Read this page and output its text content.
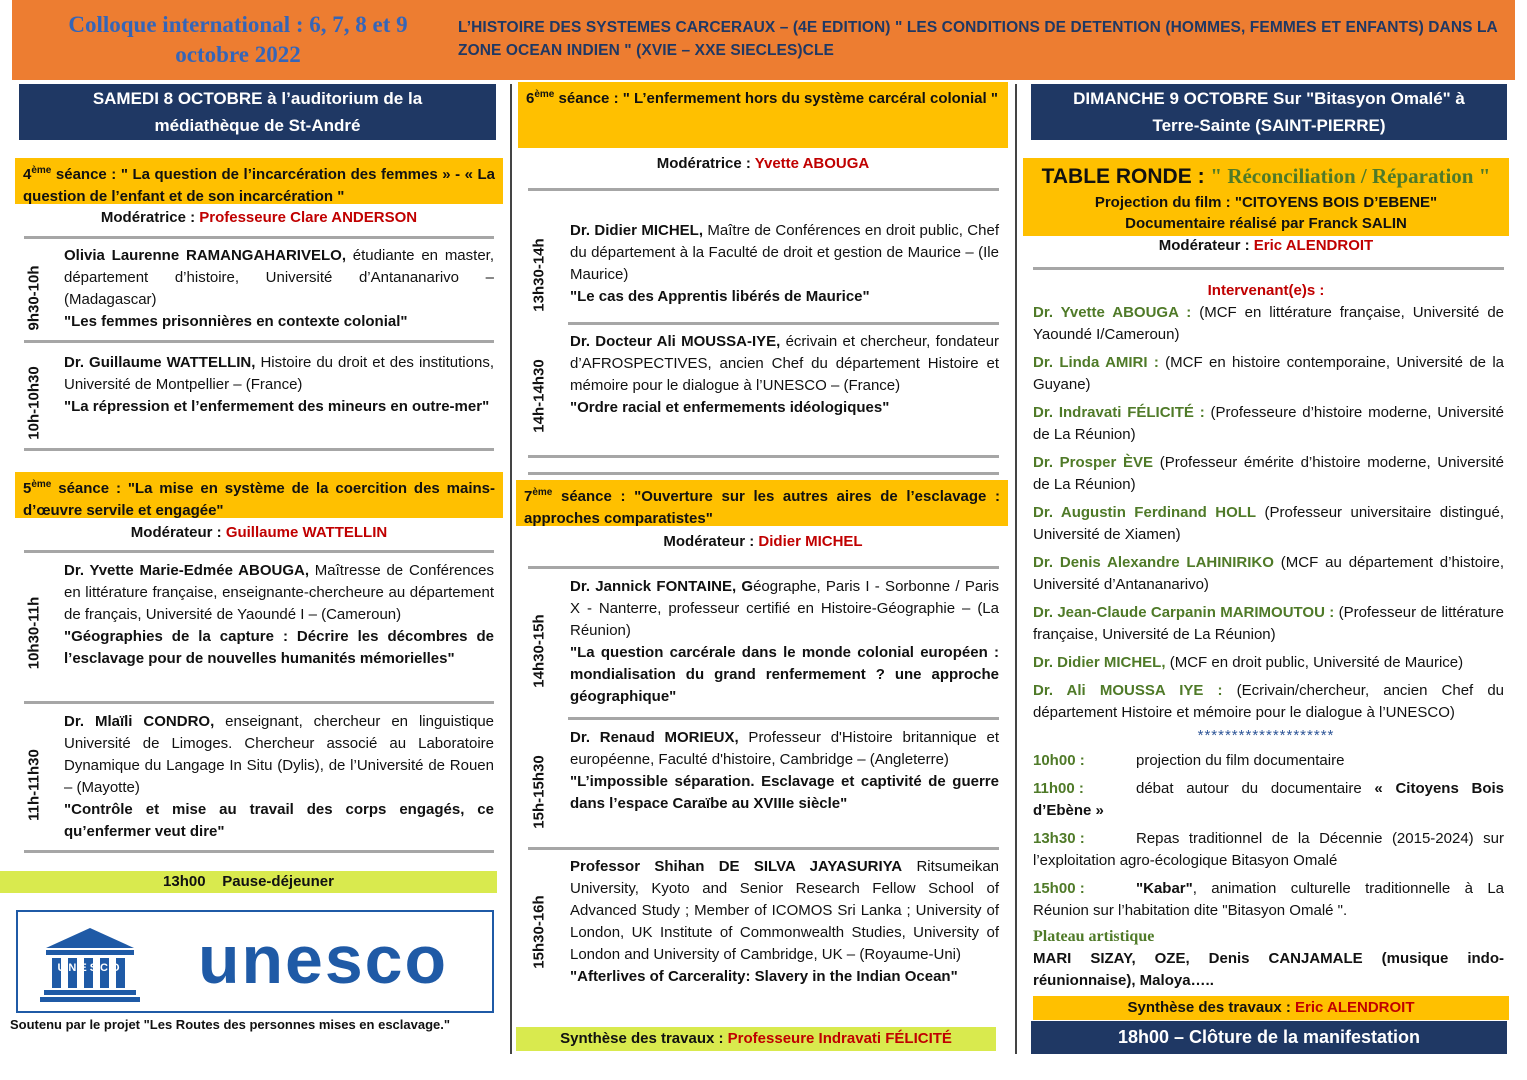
Colloque international : 6, 7, 8 et 9 octobre 2022
L’HISTOIRE DES SYSTEMES CARCERAUX – (4E EDITION) " LES CONDITIONS DE DETENTION (HOMMES, FEMMES ET ENFANTS) DANS LA ZONE OCEAN INDIEN " (XVIE – XXE SIECLES)CLE
SAMEDI 8 OCTOBRE à l’auditorium de la médiathèque de St-André
4ème séance : " La question de l’incarcération des femmes » - « La question de l’enfant et de son incarcération "
Modératrice : Professeure Clare ANDERSON
9h30-10h
Olivia Laurenne RAMANGAHARIVELO, étudiante en master, département d’histoire, Université d’Antananarivo – (Madagascar)
"Les femmes prisonnières en contexte colonial"
10h-10h30
Dr. Guillaume WATTELLIN, Histoire du droit et des institutions, Université de Montpellier – (France)
"La répression et l’enfermement des mineurs en outre-mer"
5ème séance : "La mise en système de la coercition des mains-d’œuvre servile et engagée"
Modérateur : Guillaume WATTELLIN
10h30-11h
Dr. Yvette Marie-Edmée ABOUGA, Maîtresse de Conférences en littérature française, enseignante-chercheure au département de français, Université de Yaoundé I – (Cameroun)
"Géographies de la capture : Décrire les décombres de l’esclavage pour de nouvelles humanités mémorielles"
11h-11h30
Dr. Mlaïli CONDRO, enseignant, chercheur en linguistique Université de Limoges. Chercheur associé au Laboratoire Dynamique du Langage In Situ (Dylis), de l’Université de Rouen – (Mayotte)
"Contrôle et mise au travail des corps engagés, ce qu’enfermer veut dire"
13h00    Pause-déjeuner
UNESCO	unesco
Soutenu par le projet "Les Routes des personnes mises en esclavage."
6ème séance : " L’enfermement hors du système carcéral colonial "
Modératrice : Yvette ABOUGA
13h30-14h
Dr. Didier MICHEL, Maître de Conférences en droit public, Chef du département à la Faculté de droit et gestion de Maurice – (Ile Maurice)
"Le cas des Apprentis libérés de Maurice"
14h-14h30
Dr. Docteur Ali MOUSSA-IYE, écrivain et chercheur, fondateur d’AFROSPECTIVES, ancien Chef du département Histoire et mémoire pour le dialogue à l’UNESCO – (France)
"Ordre racial et enfermements idéologiques"
7ème séance : "Ouverture sur les autres aires de l’esclavage : approches comparatistes"
Modérateur : Didier MICHEL
14h30-15h
Dr. Jannick FONTAINE, Géographe, Paris I - Sorbonne / Paris X - Nanterre, professeur certifié en Histoire-Géographie – (La Réunion)
"La question carcérale dans le monde colonial européen : mondialisation du grand renfermement ? une approche géographique"
15h-15h30
Dr. Renaud MORIEUX, Professeur d'Histoire britannique et européenne, Faculté d'histoire, Cambridge – (Angleterre)
"L’impossible séparation. Esclavage et captivité de guerre dans l’espace Caraïbe au XVIIIe siècle"
15h30-16h
Professor Shihan DE SILVA JAYASURIYA Ritsumeikan University, Kyoto and Senior Research Fellow School of Advanced Study ; Member of ICOMOS Sri Lanka ; University of London, UK Institute of Commonwealth Studies, University of London and University of Cambridge, UK – (Royaume-Uni)
"Afterlives of Carcerality: Slavery in the Indian Ocean"
Synthèse des travaux : Professeure Indravati FÉLICITÉ
DIMANCHE 9 OCTOBRE Sur "Bitasyon Omalé" à Terre-Sainte (SAINT-PIERRE)
TABLE RONDE : " Réconciliation / Réparation "
Projection du film : "CITOYENS BOIS D’EBENE"
Documentaire réalisé par Franck SALIN
Modérateur : Eric ALENDROIT
Intervenant(e)s :
Dr. Yvette ABOUGA : (MCF en littérature française, Université de Yaoundé I/Cameroun)
Dr. Linda AMIRI : (MCF en histoire contemporaine, Université de la Guyane)
Dr. Indravati FÉLICITÉ : (Professeure d’histoire moderne, Université de La Réunion)
Dr. Prosper ÈVE (Professeur émérite d’histoire moderne, Université de La Réunion)
Dr. Augustin Ferdinand HOLL (Professeur universitaire distingué, Université de Xiamen)
Dr. Denis Alexandre LAHINIRIKO (MCF au département d’histoire, Université d’Antananarivo)
Dr. Jean-Claude Carpanin MARIMOUTOU : (Professeur de littérature française, Université de La Réunion)
Dr. Didier MICHEL, (MCF en droit public, Université de Maurice)
Dr. Ali MOUSSA IYE : (Ecrivain/chercheur, ancien Chef du département Histoire et mémoire pour le dialogue à l’UNESCO)
********************
10h00 :	projection du film documentaire
11h00 :	débat autour du documentaire « Citoyens Bois d’Ebène »
13h30 :	Repas traditionnel de la Décennie (2015-2024) sur l’exploitation agro-écologique Bitasyon Omalé
15h00 :	"Kabar", animation culturelle traditionnelle à La Réunion sur l’habitation dite "Bitasyon Omalé ".
Plateau artistique
MARI SIZAY, OZE, Denis CANJAMALE (musique indo-réunionnaise), Maloya…..
Synthèse des travaux : Eric ALENDROIT
18h00 – Clôture de la manifestation
